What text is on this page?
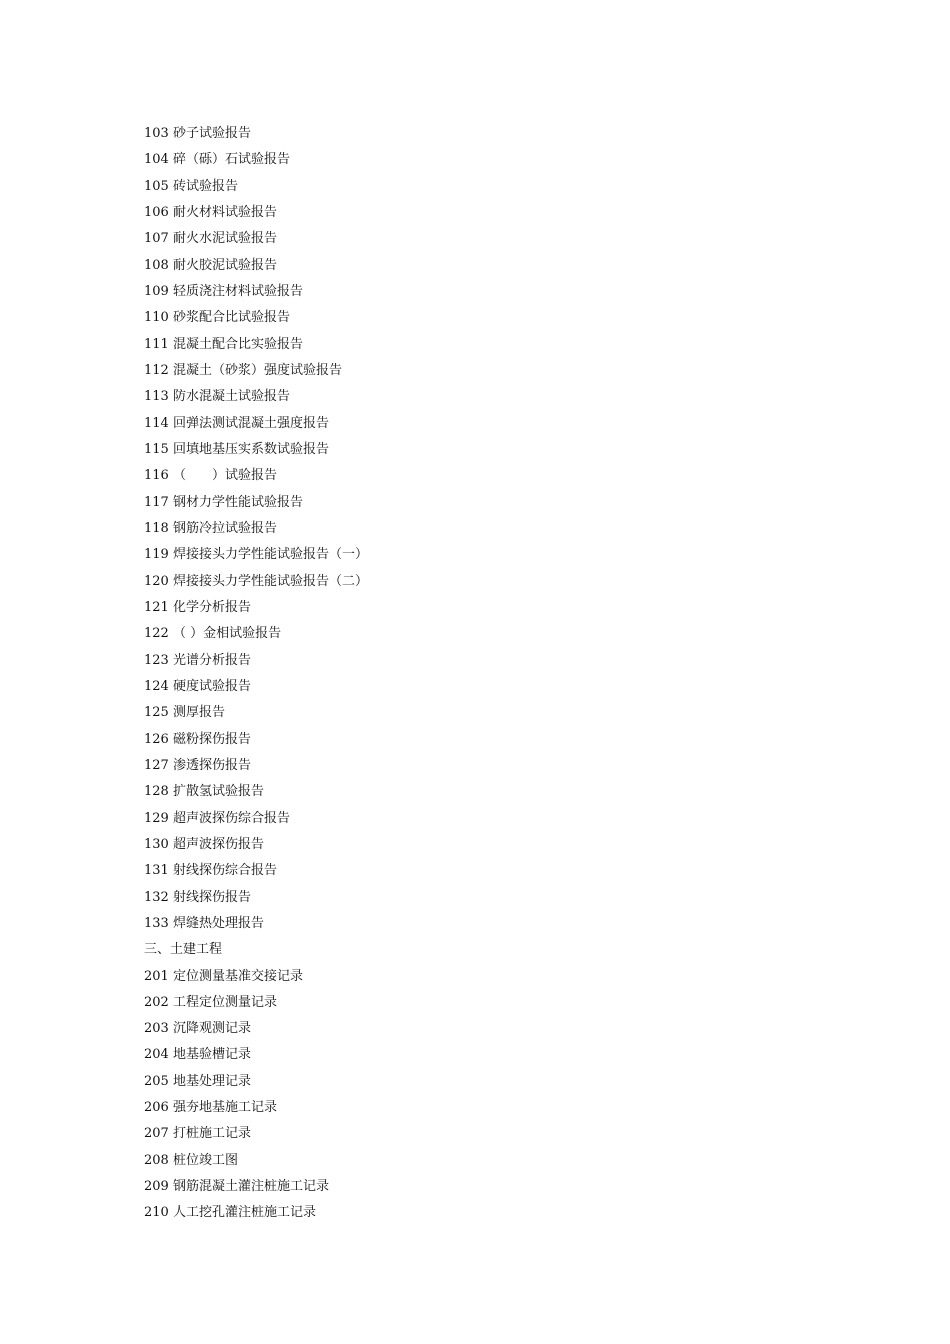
103 砂子试验报告
104 碎（砾）石试验报告
105 砖试验报告
106 耐火材料试验报告
107 耐火水泥试验报告
108 耐火胶泥试验报告
109 轻质浇注材料试验报告
110 砂浆配合比试验报告
111 混凝土配合比实验报告
112 混凝土（砂浆）强度试验报告
113 防水混凝土试验报告
114 回弹法测试混凝土强度报告
115 回填地基压实系数试验报告
116 （　　）试验报告
117 钢材力学性能试验报告
118 钢筋冷拉试验报告
119 焊接接头力学性能试验报告（一）
120 焊接接头力学性能试验报告（二）
121 化学分析报告
122 （ ）金相试验报告
123 光谱分析报告
124 硬度试验报告
125 测厚报告
126 磁粉探伤报告
127 渗透探伤报告
128 扩散氢试验报告
129 超声波探伤综合报告
130 超声波探伤报告
131 射线探伤综合报告
132 射线探伤报告
133 焊缝热处理报告
三、土建工程
201 定位测量基准交接记录
202 工程定位测量记录
203 沉降观测记录
204 地基验槽记录
205 地基处理记录
206 强夯地基施工记录
207 打桩施工记录
208 桩位竣工图
209 钢筋混凝土灌注桩施工记录
210 人工挖孔灌注桩施工记录
